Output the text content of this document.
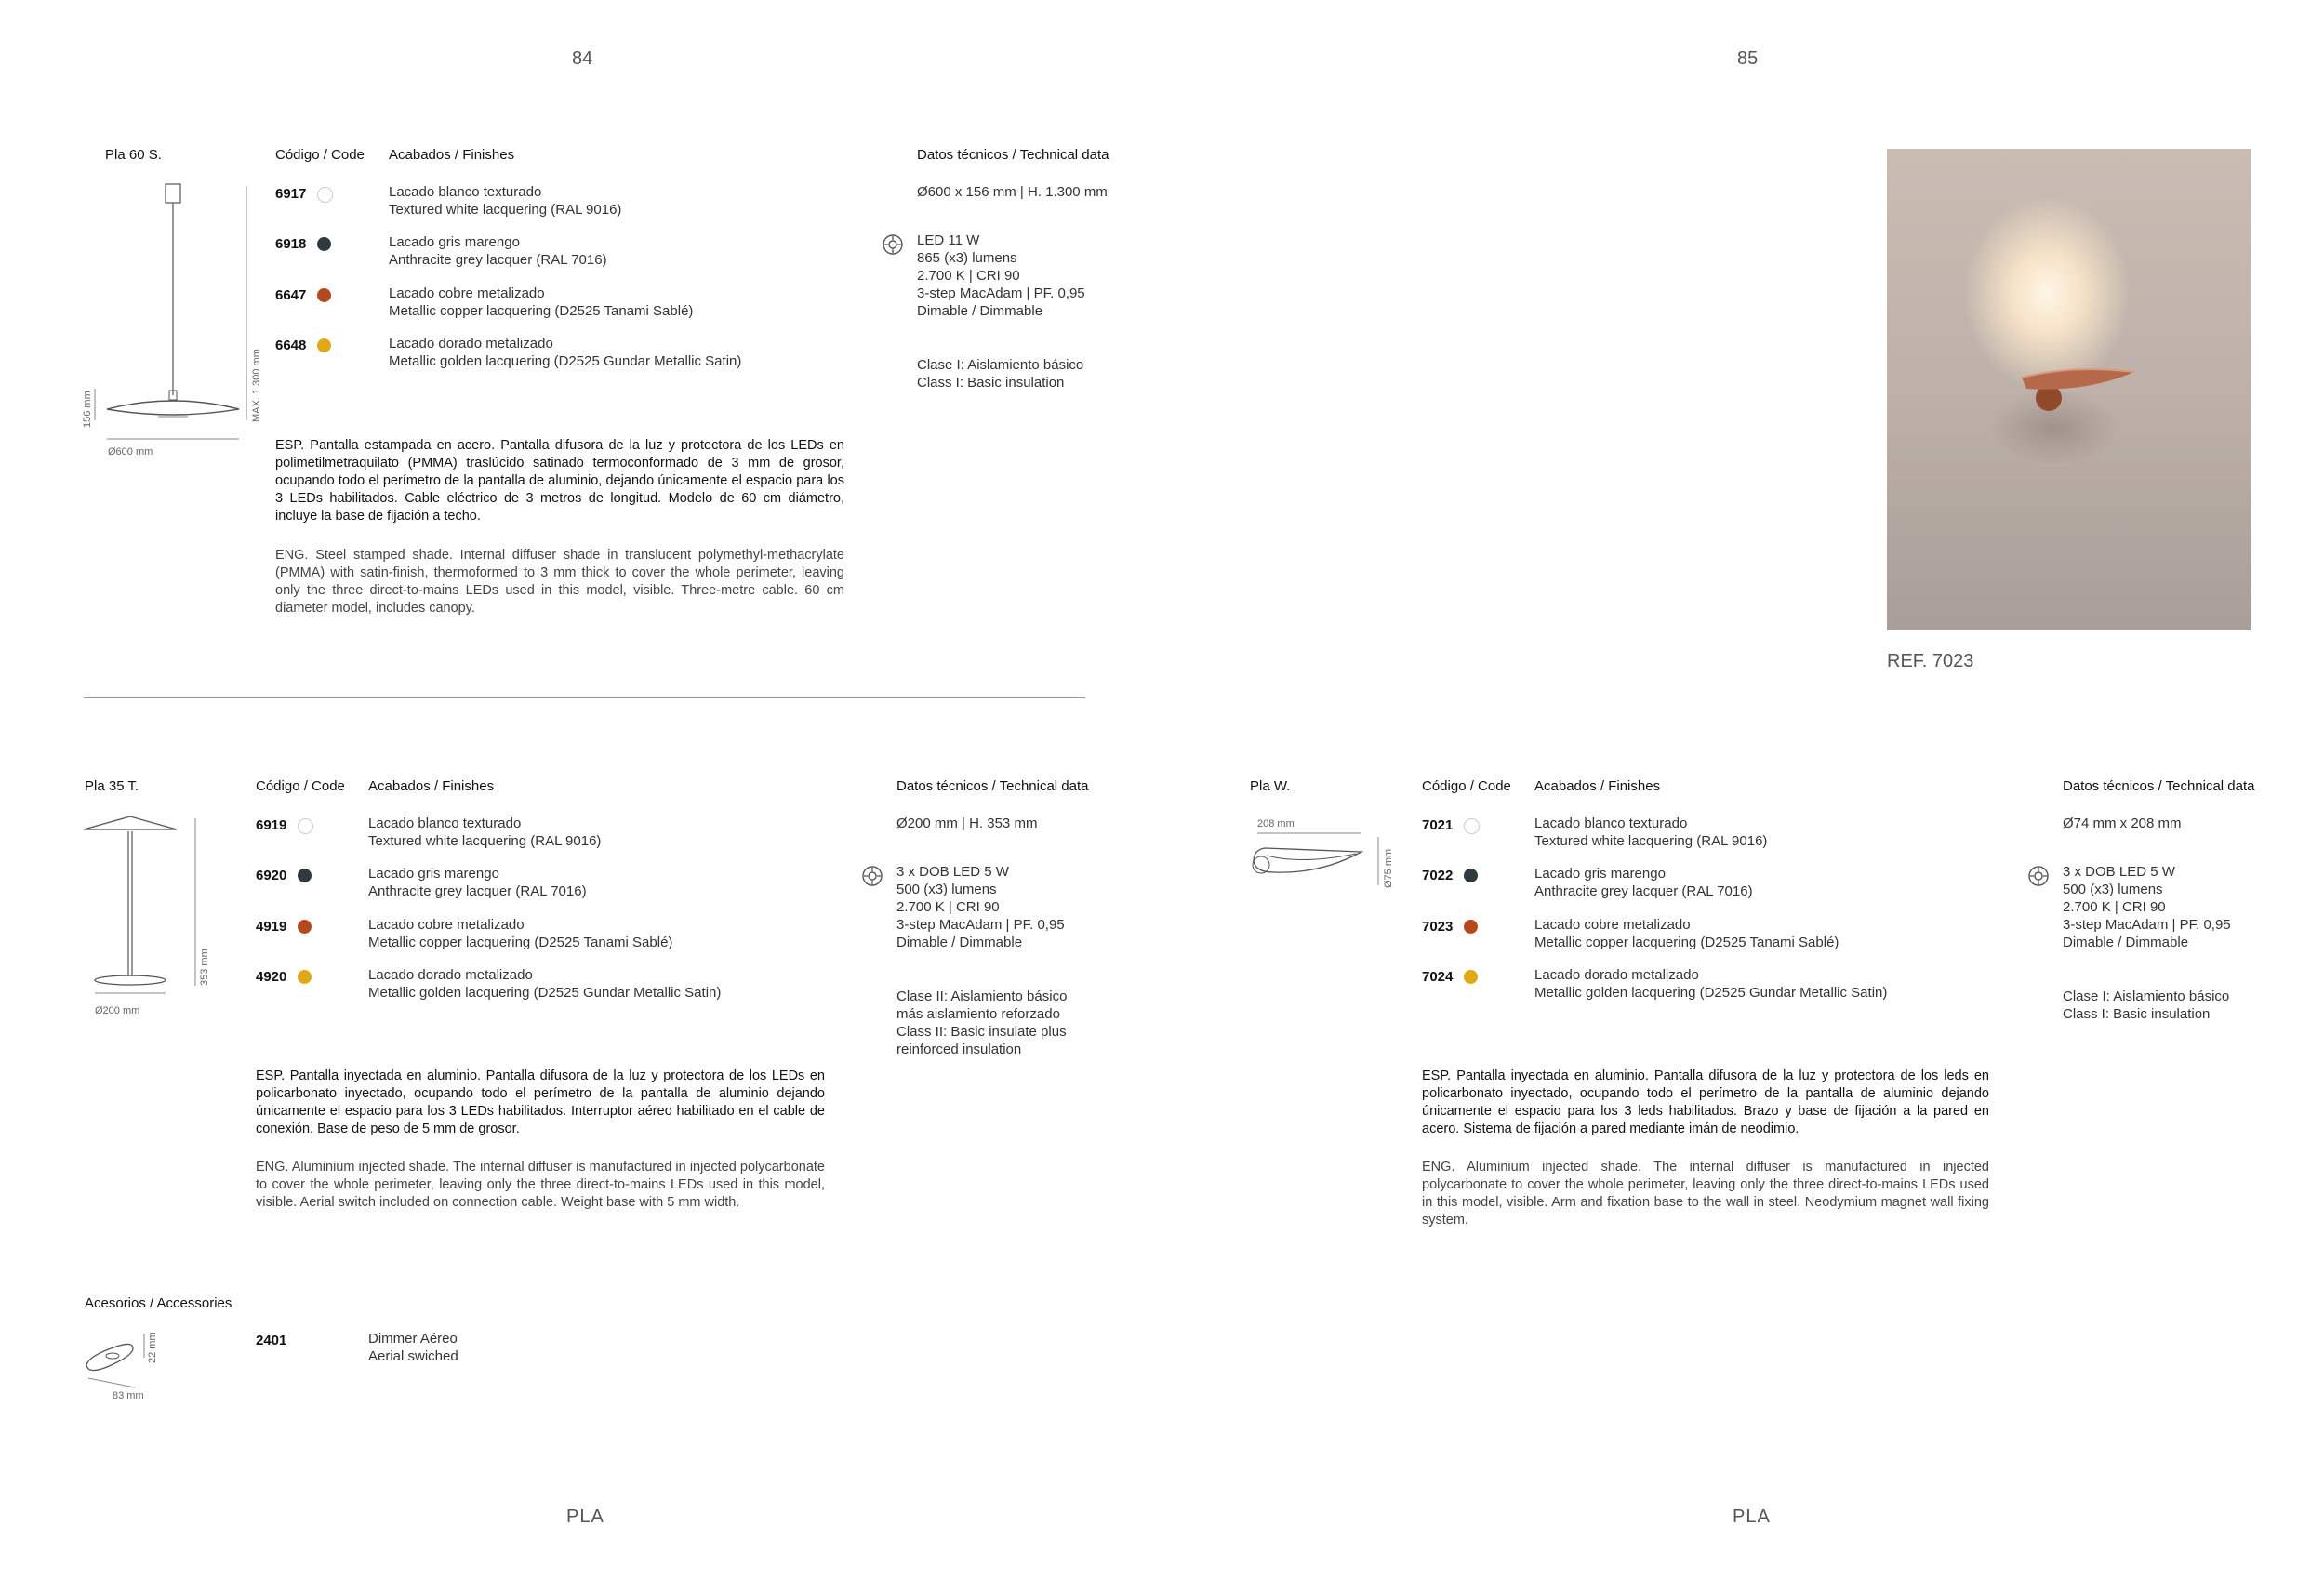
84	85
Pla 60 S.	Código / Code Acabados / Finishes	Datos técnicos / Technical data
156 mm	MAX. 1.300 mm
Ø600 mm
6917	Lacado blanco texturado
Textured white lacquering (RAL 9016)
6918	Lacado gris marengo
Anthracite grey lacquer (RAL 7016)
6647	Lacado cobre metalizado
Metallic copper lacquering (D2525 Tanami Sablé)
6648	Lacado dorado metalizado
Metallic golden lacquering (D2525 Gundar Metallic Satin)
Ø600 x 156 mm | H. 1.300 mm
LED 11 W
865 (x3) lumens
2.700 K | CRI 90
3-step MacAdam | PF. 0,95
Dimable / Dimmable
Clase I: Aislamiento básico
Class I: Basic insulation
ESP. Pantalla estampada en acero. Pantalla difusora de la luz y protectora de los LEDs en polimetilmetraquilato (PMMA) traslúcido satinado termoconformado de 3 mm de grosor, ocupando todo el perímetro de la pantalla de aluminio, dejando únicamente el espacio para los 3 LEDs habilitados. Cable eléctrico de 3 metros de longitud. Modelo de 60 cm diámetro, incluye la base de fijación a techo.
ENG. Steel stamped shade. Internal diffuser shade in translucent polymethyl-methacrylate (PMMA) with satin-finish, thermoformed to 3 mm thick to cover the whole perimeter, leaving only the three direct-to-mains LEDs used in this model, visible. Three-metre cable. 60 cm diameter model, includes canopy.
Pla 35 T.	Código / Code Acabados / Finishes	Datos técnicos / Technical data
353 mm
Ø200 mm
6919	Lacado blanco texturado
Textured white lacquering (RAL 9016)
6920	Lacado gris marengo
Anthracite grey lacquer (RAL 7016)
4919	Lacado cobre metalizado
Metallic copper lacquering (D2525 Tanami Sablé)
4920	Lacado dorado metalizado
Metallic golden lacquering (D2525 Gundar Metallic Satin)
Ø200 mm | H. 353 mm
3 x DOB LED 5 W
500 (x3) lumens
2.700 K | CRI 90
3-step MacAdam | PF. 0,95
Dimable / Dimmable
Clase II: Aislamiento básico
más aislamiento reforzado
Class II: Basic insulate plus
reinforced insulation
ESP. Pantalla inyectada en aluminio. Pantalla difusora de la luz y protectora de los LEDs en policarbonato inyectado, ocupando todo el perímetro de la pantalla de aluminio dejando únicamente el espacio para los 3 LEDs habilitados. Interruptor aéreo habilitado en el cable de conexión. Base de peso de 5 mm de grosor.
ENG. Aluminium injected shade. The internal diffuser is manufactured in injected polycarbonate to cover the whole perimeter, leaving only the three direct-to-mains LEDs used in this model, visible. Aerial switch included on connection cable. Weight base with 5 mm width.
Acesorios / Accessories
22 mm
83 mm
2401	Dimmer Aéreo
Aerial swiched
PLA
REF. 7023
Pla W.	Código / Code Acabados / Finishes	Datos técnicos / Technical data
208 mm
Ø75 mm
7021	Lacado blanco texturado
Textured white lacquering (RAL 9016)
7022	Lacado gris marengo
Anthracite grey lacquer (RAL 7016)
7023	Lacado cobre metalizado
Metallic copper lacquering (D2525 Tanami Sablé)
7024	Lacado dorado metalizado
Metallic golden lacquering (D2525 Gundar Metallic Satin)
Ø74 mm x 208 mm
3 x DOB LED 5 W
500 (x3) lumens
2.700 K | CRI 90
3-step MacAdam | PF. 0,95
Dimable / Dimmable
Clase I: Aislamiento básico
Class I: Basic insulation
ESP. Pantalla inyectada en aluminio. Pantalla difusora de la luz y protectora de los leds en policarbonato inyectado, ocupando todo el perímetro de la pantalla de aluminio dejando únicamente el espacio para los 3 leds habilitados. Brazo y base de fijación a la pared en acero. Sistema de fijación a pared mediante imán de neodimio.
ENG. Aluminium injected shade. The internal diffuser is manufactured in injected polycarbonate to cover the whole perimeter, leaving only the three direct-to-mains LEDs used in this model, visible. Arm and fixation base to the wall in steel. Neodymium magnet wall fixing system.
PLA
